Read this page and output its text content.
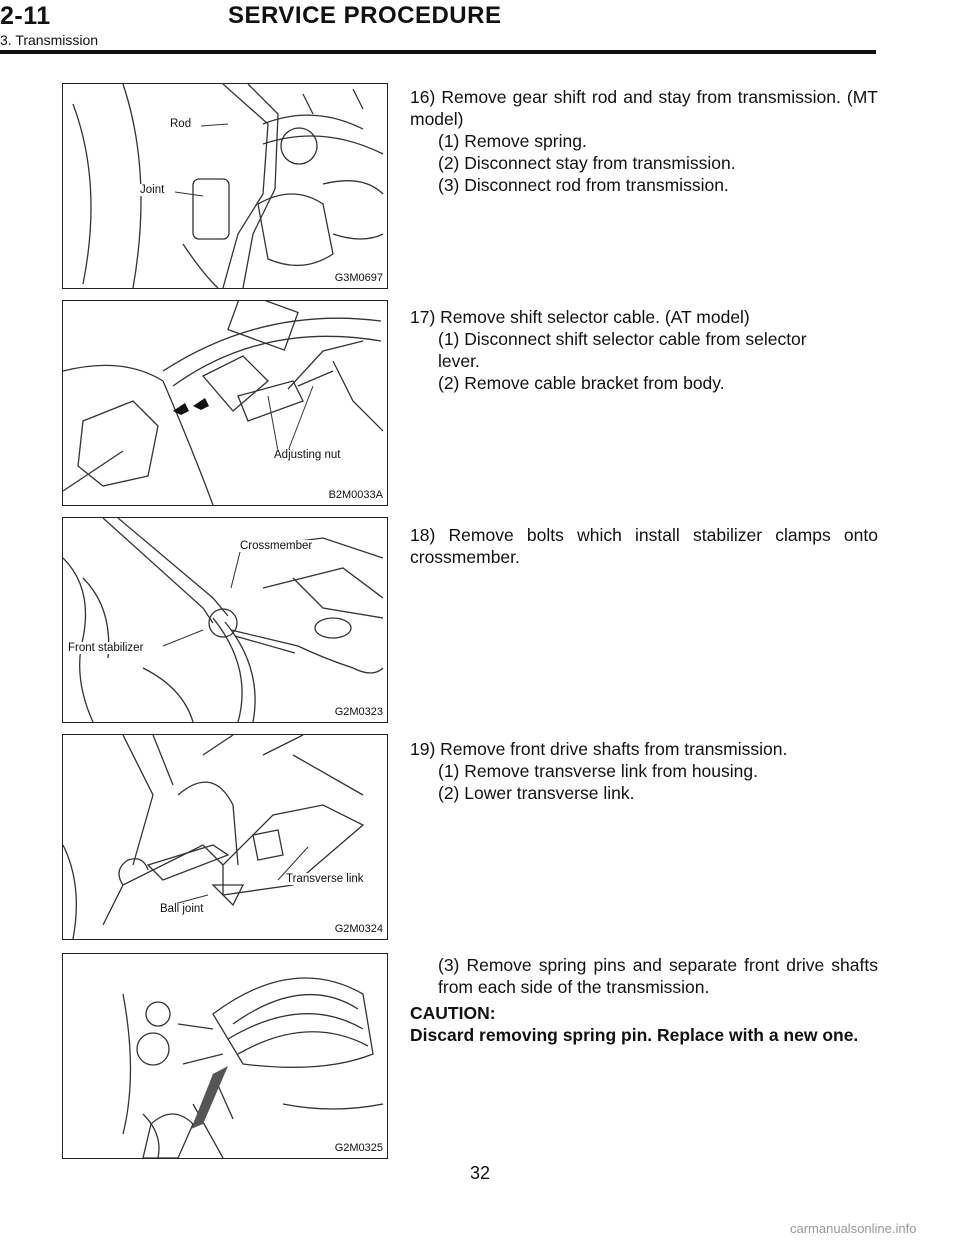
2-11	SERVICE PROCEDURE
3. Transmission
Rod
Joint
G3M0697
Adjusting nut
B2M0033A
Crossmember
Front stabilizer
G2M0323
Transverse link
Ball joint
G2M0324
G2M0325
16) Remove gear shift rod and stay from transmission. (MT model)
(1) Remove spring.
(2) Disconnect stay from transmission.
(3) Disconnect rod from transmission.
17) Remove shift selector cable. (AT model)
(1) Disconnect shift selector cable from selector lever.
(2) Remove cable bracket from body.
18) Remove bolts which install stabilizer clamps onto crossmember.
19) Remove front drive shafts from transmission.
(1) Remove transverse link from housing.
(2) Lower transverse link.
(3) Remove spring pins and separate front drive shafts from each side of the transmission.
CAUTION:
Discard removing spring pin. Replace with a new one.
32
carmanualsonline.info
